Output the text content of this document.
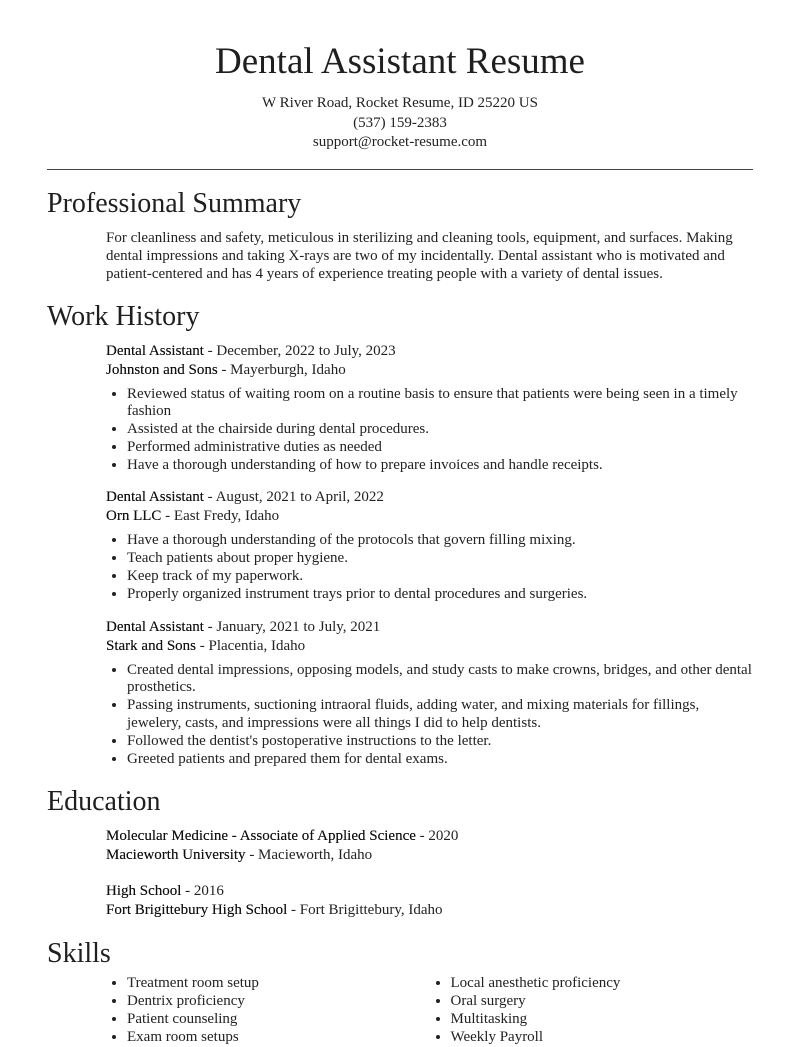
Dental Assistant Resume
W River Road, Rocket Resume, ID 25220 US
(537) 159-2383
support@rocket-resume.com
Professional Summary
For cleanliness and safety, meticulous in sterilizing and cleaning tools, equipment, and surfaces. Making dental impressions and taking X-rays are two of my incidentally. Dental assistant who is motivated and patient-centered and has 4 years of experience treating people with a variety of dental issues.
Work History
Dental Assistant - December, 2022 to July, 2023
Johnston and Sons - Mayerburgh, Idaho
• Reviewed status of waiting room on a routine basis to ensure that patients were being seen in a timely fashion
• Assisted at the chairside during dental procedures.
• Performed administrative duties as needed
• Have a thorough understanding of how to prepare invoices and handle receipts.
Dental Assistant - August, 2021 to April, 2022
Orn LLC - East Fredy, Idaho
• Have a thorough understanding of the protocols that govern filling mixing.
• Teach patients about proper hygiene.
• Keep track of my paperwork.
• Properly organized instrument trays prior to dental procedures and surgeries.
Dental Assistant - January, 2021 to July, 2021
Stark and Sons - Placentia, Idaho
• Created dental impressions, opposing models, and study casts to make crowns, bridges, and other dental prosthetics.
• Passing instruments, suctioning intraoral fluids, adding water, and mixing materials for fillings, jewelery, casts, and impressions were all things I did to help dentists.
• Followed the dentist's postoperative instructions to the letter.
• Greeted patients and prepared them for dental exams.
Education
Molecular Medicine - Associate of Applied Science - 2020
Macieworth University - Macieworth, Idaho
High School - 2016
Fort Brigittebury High School - Fort Brigittebury, Idaho
Skills
• Treatment room setup
• Dentrix proficiency
• Patient counseling
• Exam room setups
• Local anesthetic proficiency
• Oral surgery
• Multitasking
• Weekly Payroll
